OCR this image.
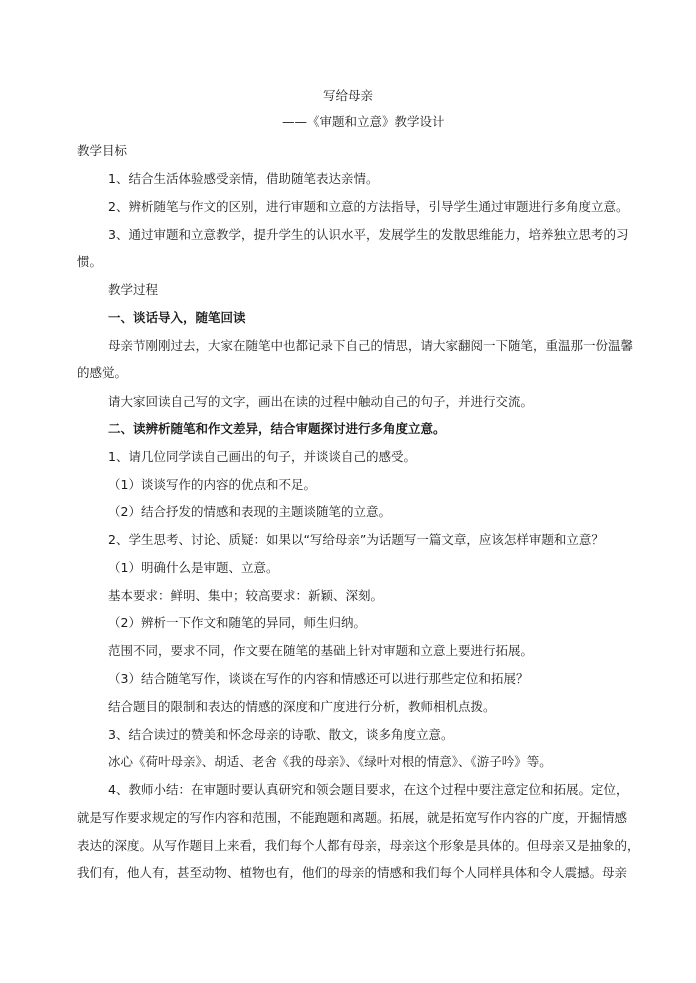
写给母亲
——《审题和立意》教学设计
教学目标
1、结合生活体验感受亲情，借助随笔表达亲情。
2、辨析随笔与作文的区别，进行审题和立意的方法指导，引导学生通过审题进行多角度立意。
3、通过审题和立意教学，提升学生的认识水平，发展学生的发散思维能力，培养独立思考的习
惯。
教学过程
一、谈话导入，随笔回读
母亲节刚刚过去，大家在随笔中也都记录下自己的情思，请大家翻阅一下随笔，重温那一份温馨
的感觉。
请大家回读自己写的文字，画出在读的过程中触动自己的句子，并进行交流。
二、读辨析随笔和作文差异，结合审题探讨进行多角度立意。
1、请几位同学读自己画出的句子，并谈谈自己的感受。
（1）谈谈写作的内容的优点和不足。
（2）结合抒发的情感和表现的主题谈随笔的立意。
2、学生思考、讨论、质疑：如果以“写给母亲”为话题写一篇文章，应该怎样审题和立意？
（1）明确什么是审题、立意。
基本要求：鲜明、集中；较高要求：新颖、深刻。
（2）辨析一下作文和随笔的异同，师生归纳。
范围不同，要求不同，作文要在随笔的基础上针对审题和立意上要进行拓展。
（3）结合随笔写作，谈谈在写作的内容和情感还可以进行那些定位和拓展？
结合题目的限制和表达的情感的深度和广度进行分析，教师相机点拨。
3、结合读过的赞美和怀念母亲的诗歌、散文，谈多角度立意。
冰心《荷叶母亲》、胡适、老舍《我的母亲》、《绿叶对根的情意》、《游子吟》等。
4、教师小结：在审题时要认真研究和领会题目要求，在这个过程中要注意定位和拓展。定位，
就是写作要求规定的写作内容和范围，不能跑题和离题。拓展，就是拓宽写作内容的广度，开掘情感
表达的深度。从写作题目上来看，我们每个人都有母亲，母亲这个形象是具体的。但母亲又是抽象的，
我们有，他人有，甚至动物、植物也有，他们的母亲的情感和我们每个人同样具体和令人震撼。母亲
